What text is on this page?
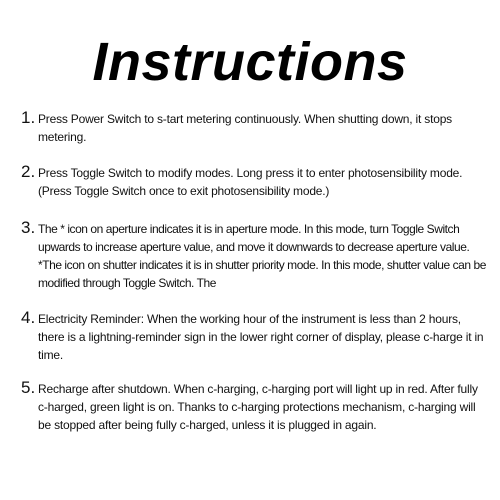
Instructions
1. Press Power Switch to s-tart metering continuously. When shutting down, it stops metering.
2. Press Toggle Switch to modify modes. Long press it to enter photosensibility mode. (Press Toggle Switch once to exit photosensibility mode.)
3. The * icon on aperture indicates it is in aperture mode. In this mode, turn Toggle Switch upwards to increase aperture value, and move it downwards to decrease aperture value. *The icon on shutter indicates it is in shutter priority mode. In this mode, shutter value can be modified through Toggle Switch. The
4. Electricity Reminder: When the working hour of the instrument is less than 2 hours, there is a lightning-reminder sign in the lower right corner of display, please c-harge it in time.
5. Recharge after shutdown. When c-harging, c-harging port will light up in red. After fully c-harged, green light is on. Thanks to c-harging protections mechanism, c-harging will be stopped after being fully c-harged, unless it is plugged in again.
